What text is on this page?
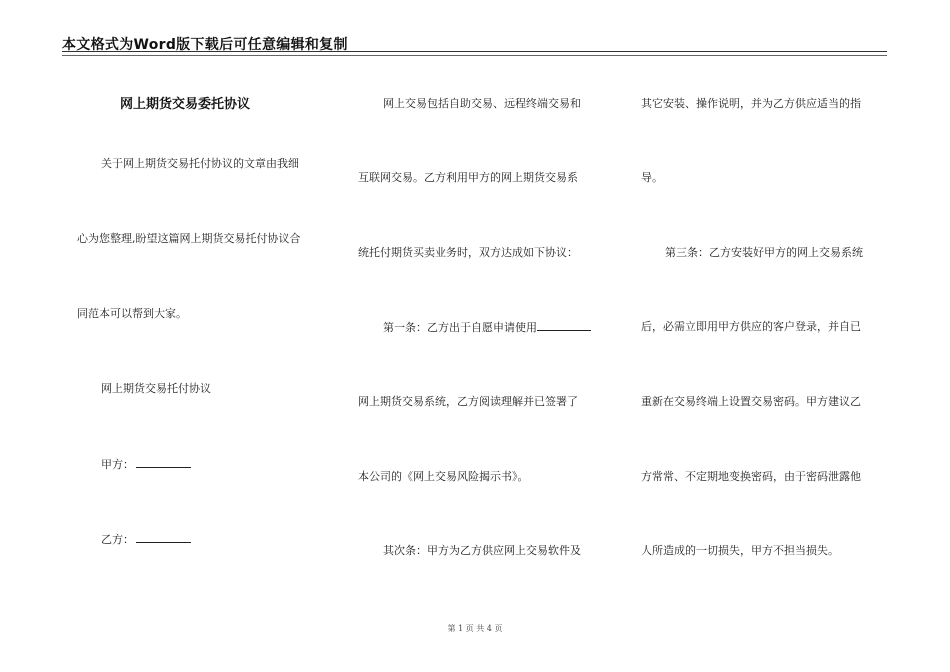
本文格式为Word版下载后可任意编辑和复制
网上期货交易委托协议
关于网上期货交易托付协议的文章由我细
心为您整理,盼望这篇网上期货交易托付协议合
同范本可以帮到大家。
网上期货交易托付协议
甲方：
乙方：
网上交易包括自助交易、远程终端交易和
互联网交易。乙方利用甲方的网上期货交易系
统托付期货买卖业务时，双方达成如下协议：
第一条：乙方出于自愿申请使用
网上期货交易系统，乙方阅读理解并已签署了
本公司的《网上交易风险揭示书》。
其次条：甲方为乙方供应网上交易软件及
其它安装、操作说明，并为乙方供应适当的指
导。
第三条：乙方安装好甲方的网上交易系统
后，必需立即用甲方供应的客户登录，并自已
重新在交易终端上设置交易密码。甲方建议乙
方常常、不定期地变换密码，由于密码泄露他
人所造成的一切损失，甲方不担当损失。
第 1 页 共 4 页
